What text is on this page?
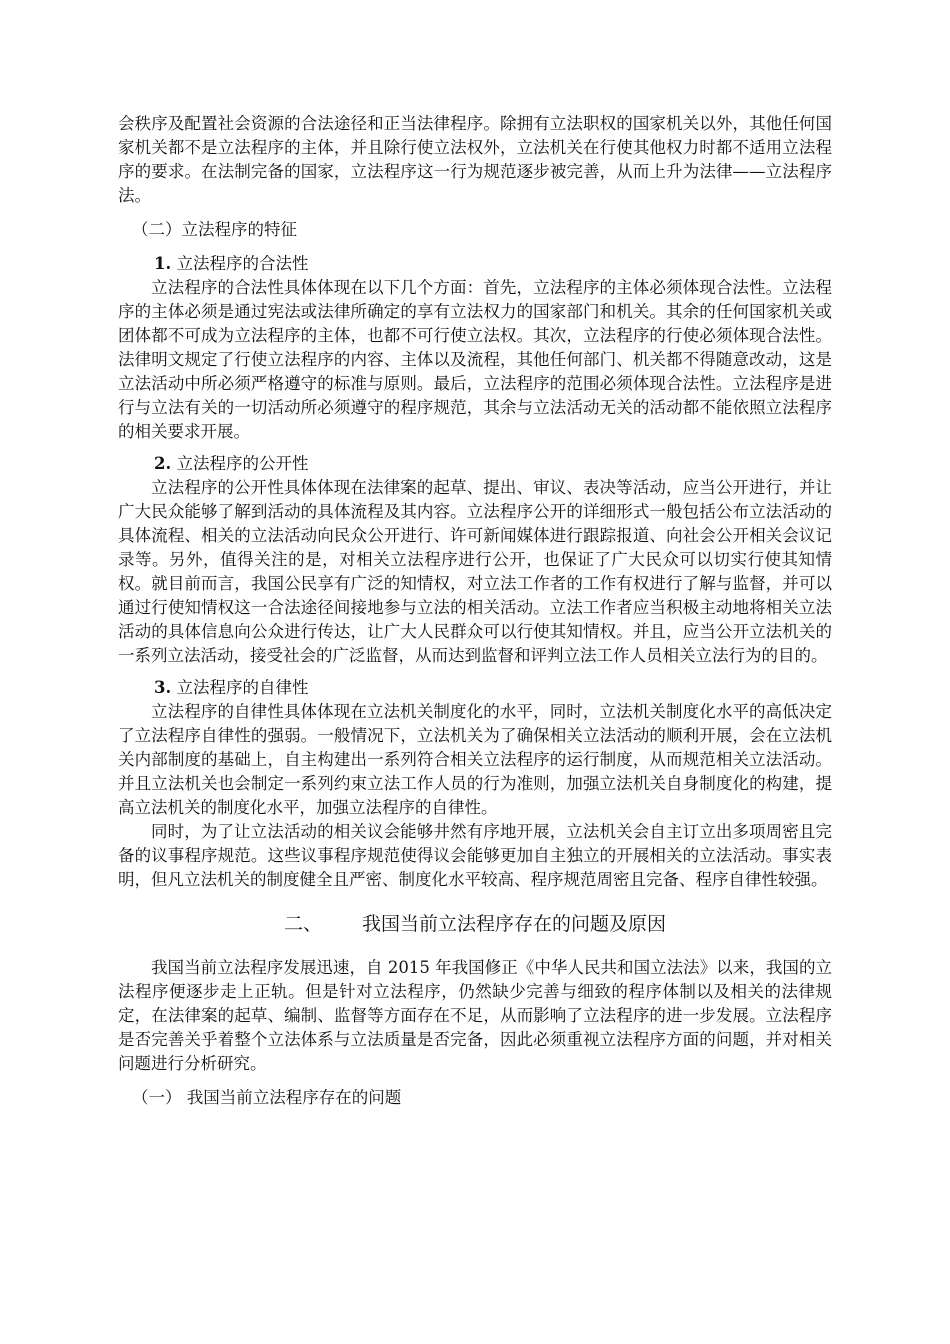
会秩序及配置社会资源的合法途径和正当法律程序。除拥有立法职权的国家机关以外，其他任何国家机关都不是立法程序的主体，并且除行使立法权外，立法机关在行使其他权力时都不适用立法程序的要求。在法制完备的国家，立法程序这一行为规范逐步被完善，从而上升为法律——立法程序法。

（二）立法程序的特征
1. 立法程序的合法性

立法程序的合法性具体体现在以下几个方面：首先，立法程序的主体必须体现合法性。立法程序的主体必须是通过宪法或法律所确定的享有立法权力的国家部门和机关。其余的任何国家机关或团体都不可成为立法程序的主体，也都不可行使立法权。其次，立法程序的行使必须体现合法性。法律明文规定了行使立法程序的内容、主体以及流程，其他任何部门、机关都不得随意改动，这是立法活动中所必须严格遵守的标准与原则。最后，立法程序的范围必须体现合法性。立法程序是进行与立法有关的一切活动所必须遵守的程序规范，其余与立法活动无关的活动都不能依照立法程序的相关要求开展。

2. 立法程序的公开性

立法程序的公开性具体体现在法律案的起草、提出、审议、表决等活动，应当公开进行，并让广大民众能够了解到活动的具体流程及其内容。立法程序公开的详细形式一般包括公布立法活动的具体流程、相关的立法活动向民众公开进行、许可新闻媒体进行跟踪报道、向社会公开相关会议记录等。另外，值得关注的是，对相关立法程序进行公开，也保证了广大民众可以切实行使其知情权。就目前而言，我国公民享有广泛的知情权，对立法工作者的工作有权进行了解与监督，并可以通过行使知情权这一合法途径间接地参与立法的相关活动。立法工作者应当积极主动地将相关立法活动的具体信息向公众进行传达，让广大人民群众可以行使其知情权。并且，应当公开立法机关的一系列立法活动，接受社会的广泛监督，从而达到监督和评判立法工作人员相关立法行为的目的。

3. 立法程序的自律性

立法程序的自律性具体体现在立法机关制度化的水平，同时，立法机关制度化水平的高低决定了立法程序自律性的强弱。一般情况下，立法机关为了确保相关立法活动的顺利开展，会在立法机关内部制度的基础上，自主构建出一系列符合相关立法程序的运行制度，从而规范相关立法活动。并且立法机关也会制定一系列约束立法工作人员的行为准则，加强立法机关自身制度化的构建，提高立法机关的制度化水平，加强立法程序的自律性。

同时，为了让立法活动的相关议会能够井然有序地开展，立法机关会自主订立出多项周密且完备的议事程序规范。这些议事程序规范使得议会能够更加自主独立的开展相关的立法活动。事实表明，但凡立法机关的制度健全且严密、制度化水平较高、程序规范周密且完备、程序自律性较强。

二、 我国当前立法程序存在的问题及原因

我国当前立法程序发展迅速，自 2015 年我国修正《中华人民共和国立法法》以来，我国的立法程序便逐步走上正轨。但是针对立法程序，仍然缺少完善与细致的程序体制以及相关的法律规定，在法律案的起草、编制、监督等方面存在不足，从而影响了立法程序的进一步发展。立法程序是否完善关乎着整个立法体系与立法质量是否完备，因此必须重视立法程序方面的问题，并对相关问题进行分析研究。

（一） 我国当前立法程序存在的问题
